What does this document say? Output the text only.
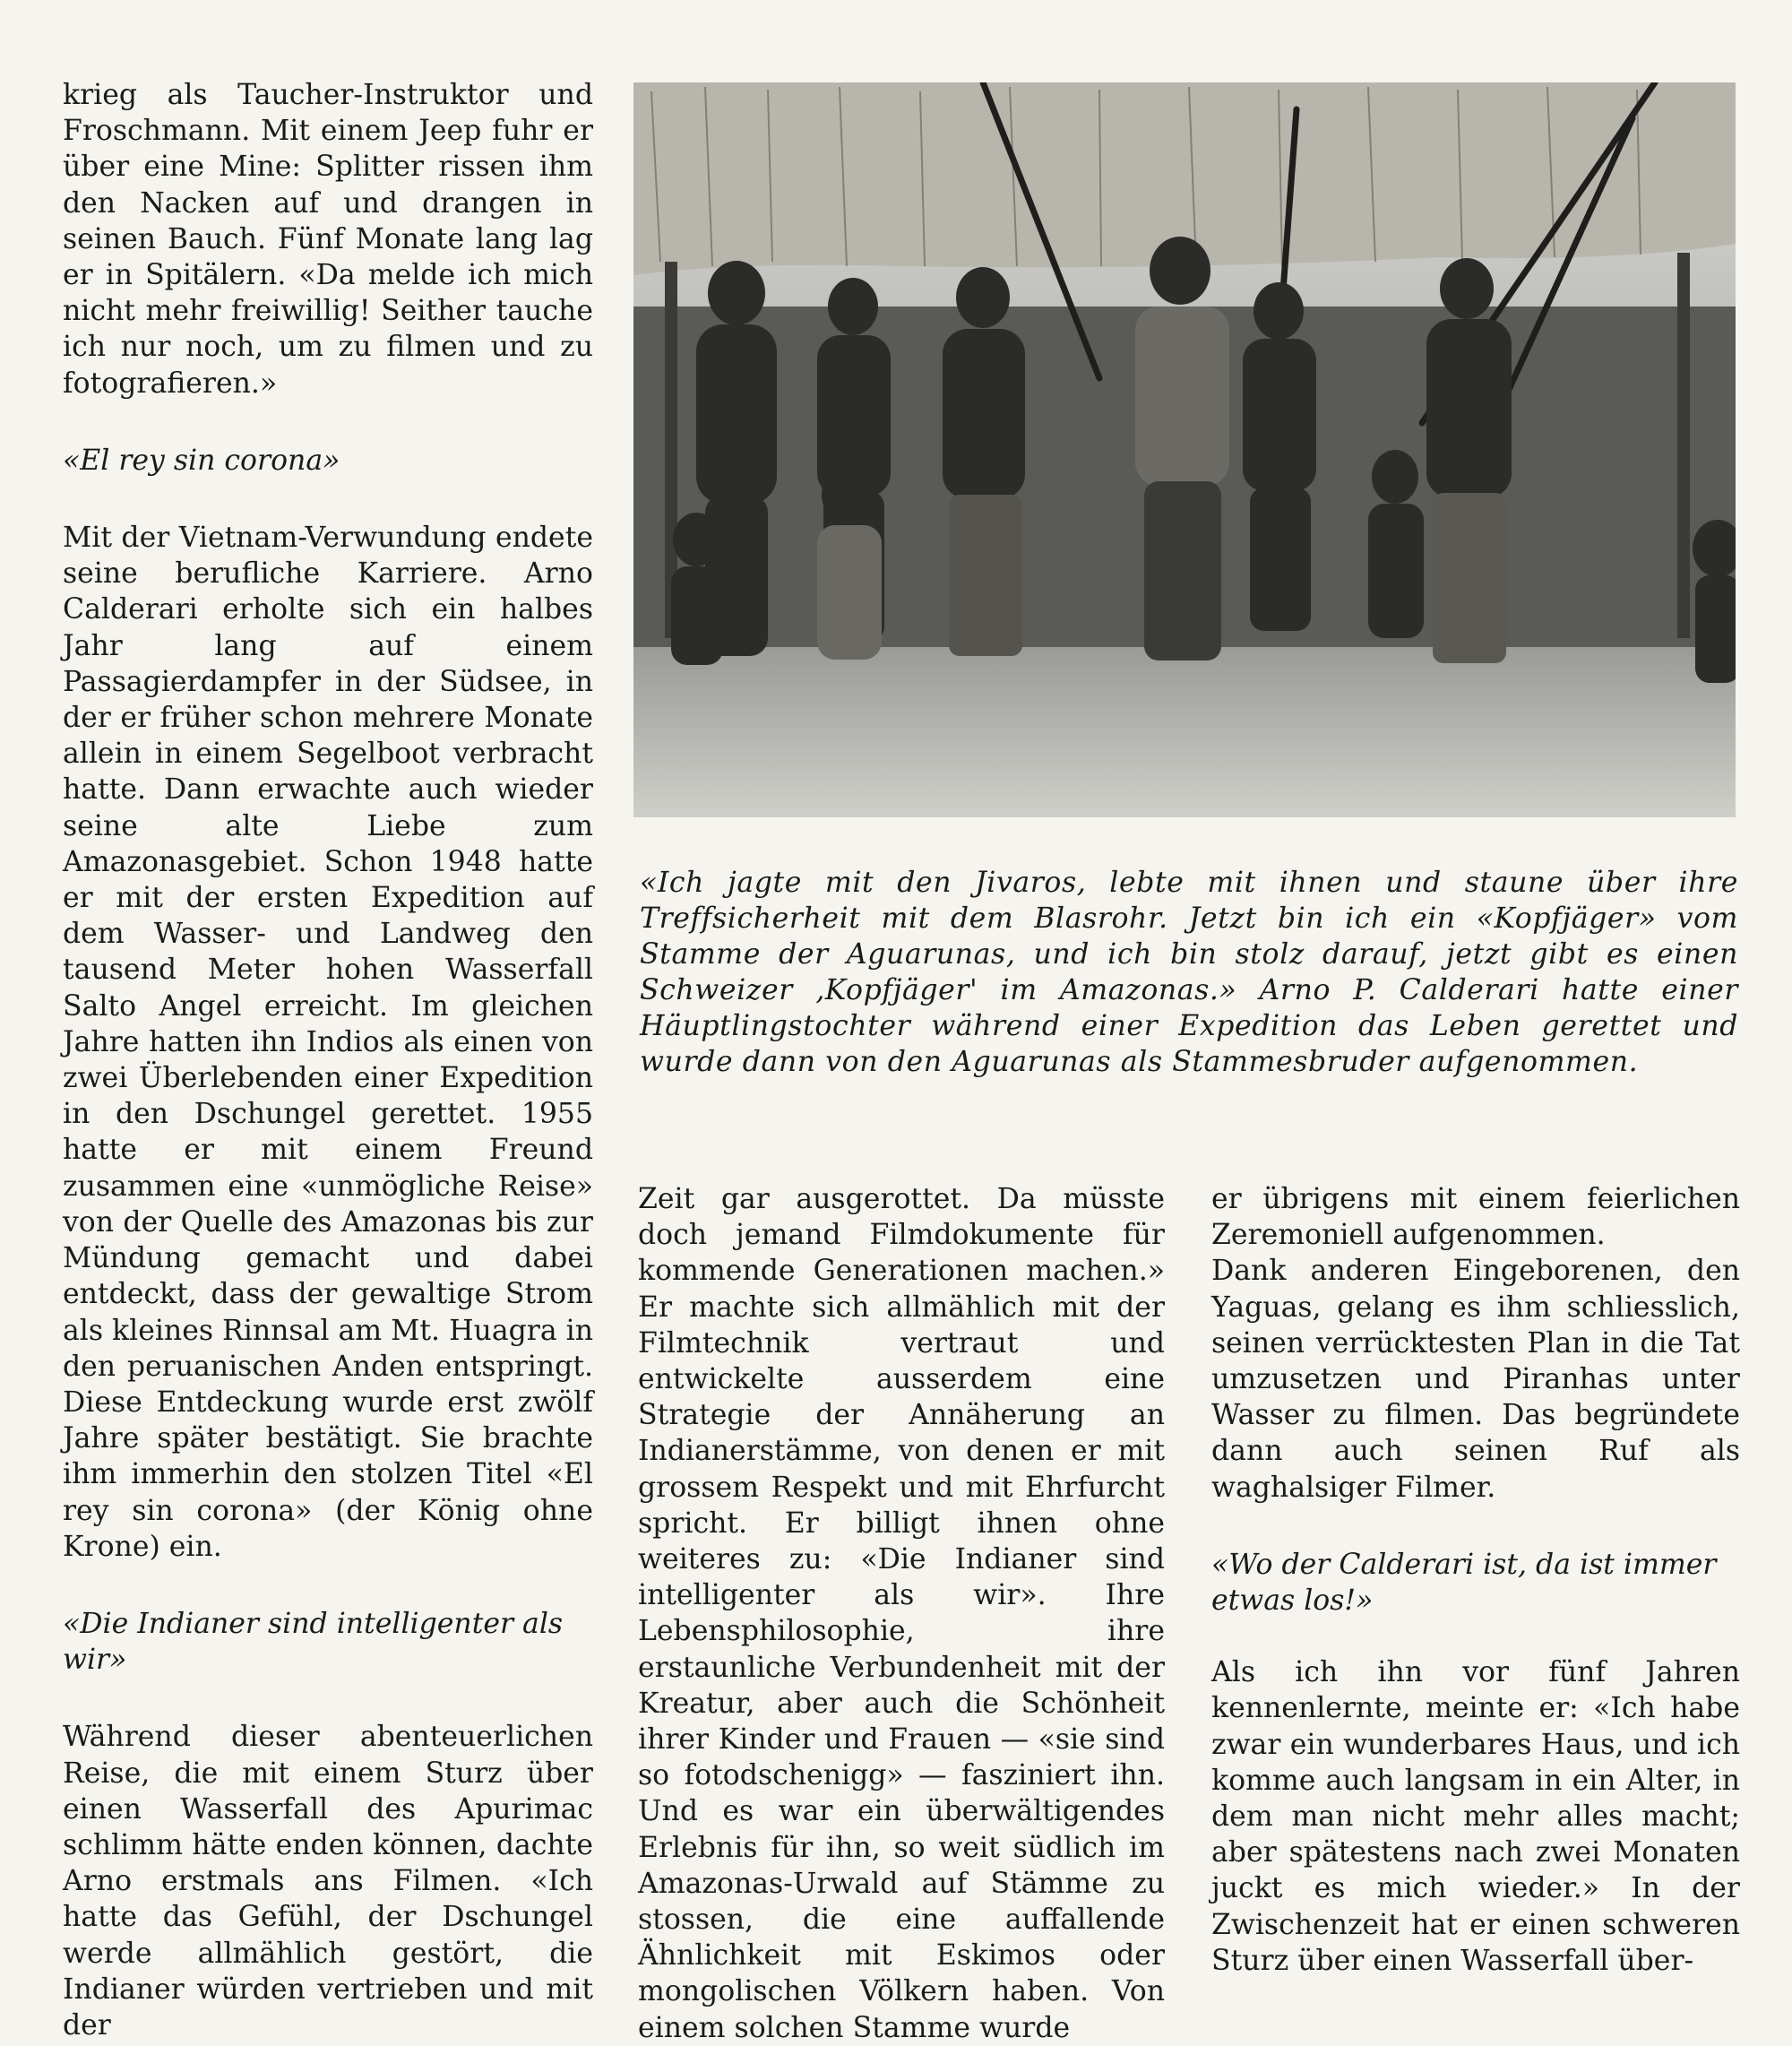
krieg als Taucher-Instruktor und Froschmann. Mit einem Jeep fuhr er über eine Mine: Splitter rissen ihm den Nacken auf und drangen in seinen Bauch. Fünf Monate lang lag er in Spitälern. «Da melde ich mich nicht mehr freiwillig! Seither tauche ich nur noch, um zu filmen und zu fotografieren.»

«El rey sin corona»

Mit der Vietnam-Verwundung endete seine berufliche Karriere. Arno Calderari erholte sich ein halbes Jahr lang auf einem Passagierdampfer in der Südsee, in der er früher schon mehrere Monate allein in einem Segelboot verbracht hatte. Dann erwachte auch wieder seine alte Liebe zum Amazonasgebiet. Schon 1948 hatte er mit der ersten Expedition auf dem Wasser- und Landweg den tausend Meter hohen Wasserfall Salto Angel erreicht. Im gleichen Jahre hatten ihn Indios als einen von zwei Überlebenden einer Expedition in den Dschungel gerettet. 1955 hatte er mit einem Freund zusammen eine «unmögliche Reise» von der Quelle des Amazonas bis zur Mündung gemacht und dabei entdeckt, dass der gewaltige Strom als kleines Rinnsal am Mt. Huagra in den peruanischen Anden entspringt. Diese Entdeckung wurde erst zwölf Jahre später bestätigt. Sie brachte ihm immerhin den stolzen Titel «El rey sin corona» (der König ohne Krone) ein.

«Die Indianer sind intelligenter als wir»

Während dieser abenteuerlichen Reise, die mit einem Sturz über einen Wasserfall des Apurimac schlimm hätte enden können, dachte Arno erstmals ans Filmen. «Ich hatte das Gefühl, der Dschungel werde allmählich gestört, die Indianer würden vertrieben und mit der

«Ich jagte mit den Jivaros, lebte mit ihnen und staune über ihre Treffsicherheit mit dem Blasrohr. Jetzt bin ich ein «Kopfjäger» vom Stamme der Aguarunas, und ich bin stolz darauf, jetzt gibt es einen Schweizer ‚Kopfjäger' im Amazonas.» Arno P. Calderari hatte einer Häuptlingstochter während einer Expedition das Leben gerettet und wurde dann von den Aguarunas als Stammesbruder aufgenommen.

Zeit gar ausgerottet. Da müsste doch jemand Filmdokumente für kommende Generationen machen.» Er machte sich allmählich mit der Filmtechnik vertraut und entwickelte ausserdem eine Strategie der Annäherung an Indianerstämme, von denen er mit grossem Respekt und mit Ehrfurcht spricht. Er billigt ihnen ohne weiteres zu: «Die Indianer sind intelligenter als wir». Ihre Lebensphilosophie, ihre erstaunliche Verbundenheit mit der Kreatur, aber auch die Schönheit ihrer Kinder und Frauen — «sie sind so fotodschenigg» — fasziniert ihn. Und es war ein überwältigendes Erlebnis für ihn, so weit südlich im Amazonas-Urwald auf Stämme zu stossen, die eine auffallende Ähnlichkeit mit Eskimos oder mongolischen Völkern haben. Von einem solchen Stamme wurde

er übrigens mit einem feierlichen Zeremoniell aufgenommen.

Dank anderen Eingeborenen, den Yaguas, gelang es ihm schliesslich, seinen verrücktesten Plan in die Tat umzusetzen und Piranhas unter Wasser zu filmen. Das begründete dann auch seinen Ruf als waghalsiger Filmer.

«Wo der Calderari ist, da ist immer etwas los!»

Als ich ihn vor fünf Jahren kennenlernte, meinte er: «Ich habe zwar ein wunderbares Haus, und ich komme auch langsam in ein Alter, in dem man nicht mehr alles macht; aber spätestens nach zwei Monaten juckt es mich wieder.» In der Zwischenzeit hat er einen schweren Sturz über einen Wasserfall über-
